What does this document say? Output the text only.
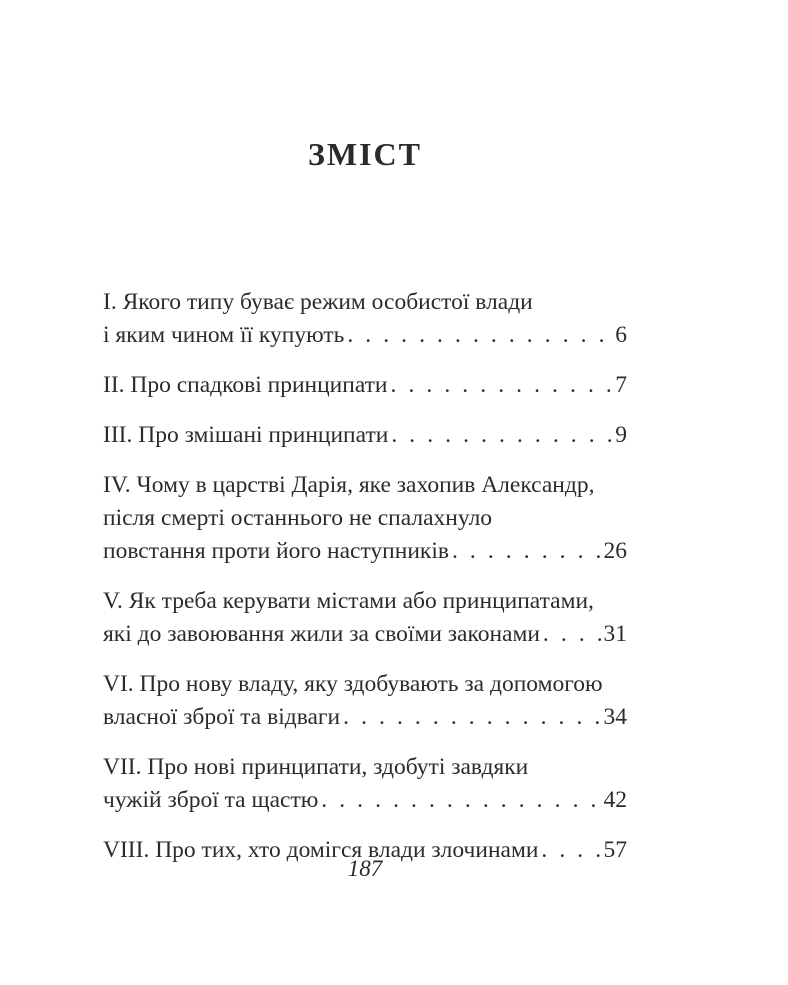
ЗМІСТ
I. Якого типу буває режим особистої влади
і яким чином її купують . . .	6
II. Про спадкові принципати . . .	7
III. Про змішані принципати . . .	9
IV. Чому в царстві Дарія, яке захопив Александр,
після смерті останнього не спалахнуло
повстання проти його наступників . . .	26
V. Як треба керувати містами або принципатами,
які до завоювання жили за своїми законами . . .	31
VI. Про нову владу, яку здобувають за допомогою
власної зброї та відваги . . .	34
VII. Про нові принципати, здобуті завдяки
чужій зброї та щастю . . .	42
VIII. Про тих, хто домігся влади злочинами . . .	57
187
